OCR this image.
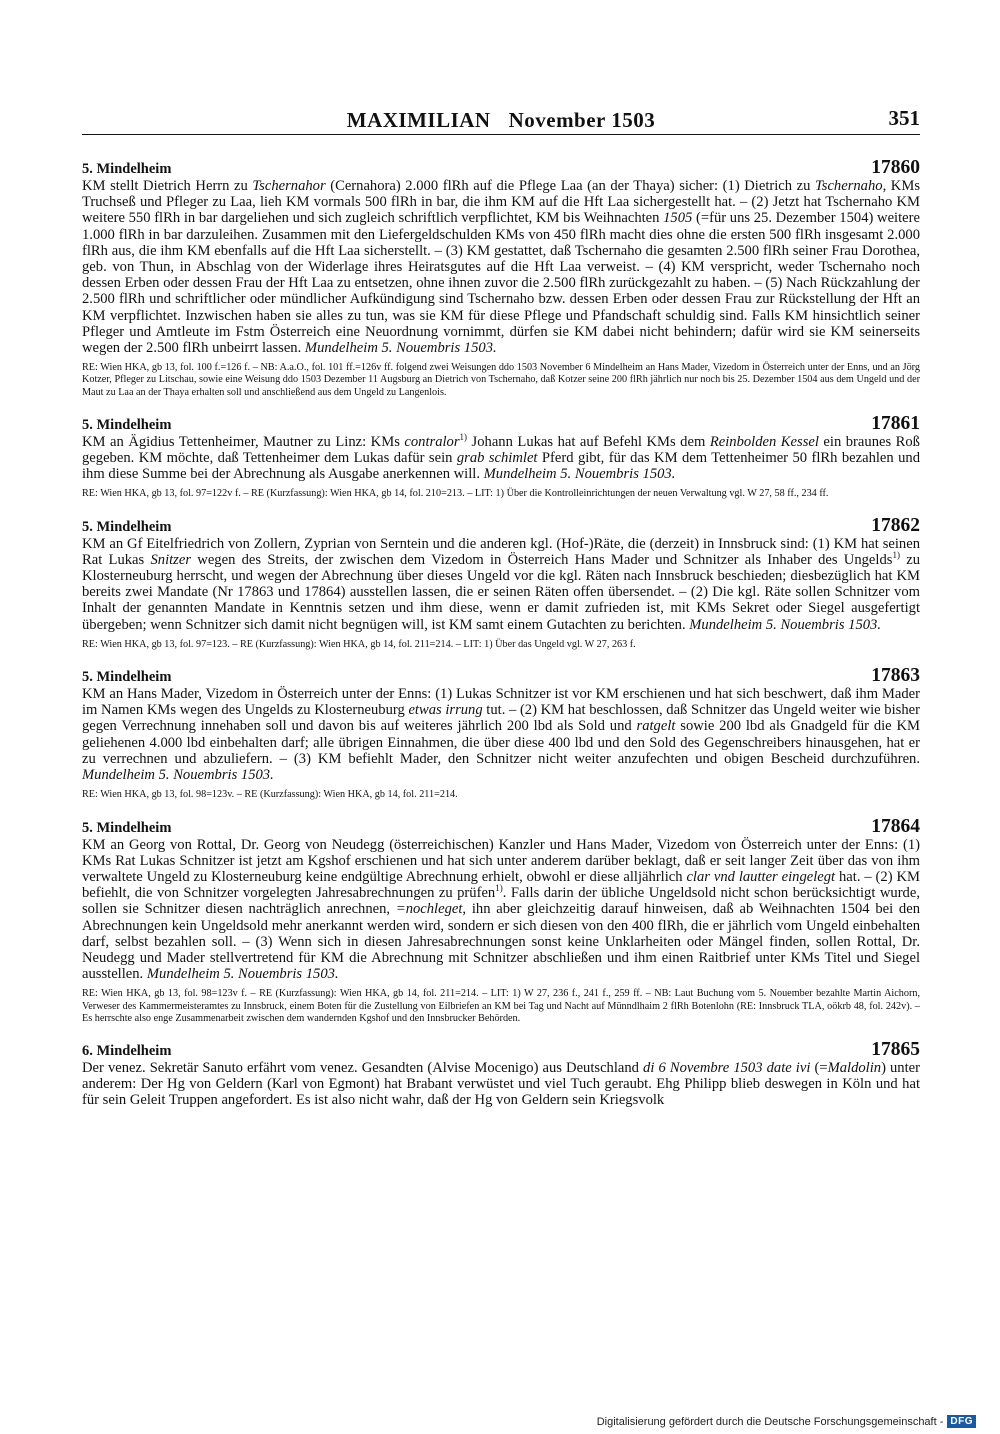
MAXIMILIAN November 1503	351
5. Mindelheim	17860

KM stellt Dietrich Herrn zu Tschernahor (Cernahora) 2.000 flRh auf die Pflege Laa (an der Thaya) sicher: (1) Dietrich zu Tschernaho, KMs Truchseß und Pfleger zu Laa, lieh KM vormals 500 flRh in bar, die ihm KM auf die Hft Laa sichergestellt hat. – (2) Jetzt hat Tschernaho KM weitere 550 flRh in bar dargeliehen und sich zugleich schriftlich verpflichtet, KM bis Weihnachten 1505 (=für uns 25. Dezember 1504) weitere 1.000 flRh in bar darzuleihen. Zusammen mit den Liefergeldschulden KMs von 450 flRh macht dies ohne die ersten 500 flRh insgesamt 2.000 flRh aus, die ihm KM ebenfalls auf die Hft Laa sicherstellt. – (3) KM gestattet, daß Tschernaho die gesamten 2.500 flRh seiner Frau Dorothea, geb. von Thun, in Abschlag von der Widerlage ihres Heiratsgutes auf die Hft Laa verweist. – (4) KM verspricht, weder Tschernaho noch dessen Erben oder dessen Frau der Hft Laa zu entsetzen, ohne ihnen zuvor die 2.500 flRh zurückgezahlt zu haben. – (5) Nach Rückzahlung der 2.500 flRh und schriftlicher oder mündlicher Aufkündigung sind Tschernaho bzw. dessen Erben oder dessen Frau zur Rückstellung der Hft an KM verpflichtet. Inzwischen haben sie alles zu tun, was sie KM für diese Pflege und Pfandschaft schuldig sind. Falls KM hinsichtlich seiner Pfleger und Amtleute im Fstm Österreich eine Neuordnung vornimmt, dürfen sie KM dabei nicht behindern; dafür wird sie KM seinerseits wegen der 2.500 flRh unbeirrt lassen. Mundelheim 5. Nouembris 1503.

RE: Wien HKA, gb 13, fol. 100 f.=126 f. – NB: A.a.O., fol. 101 ff.=126v ff. folgend zwei Weisungen ddo 1503 November 6 Mindelheim an Hans Mader, Vizedom in Österreich unter der Enns, und an Jörg Kotzer, Pfleger zu Litschau, sowie eine Weisung ddo 1503 Dezember 11 Augsburg an Dietrich von Tschernaho, daß Kotzer seine 200 flRh jährlich nur noch bis 25. Dezember 1504 aus dem Ungeld und der Maut zu Laa an der Thaya erhalten soll und anschließend aus dem Ungeld zu Langenlois.

5. Mindelheim	17861

KM an Ägidius Tettenheimer, Mautner zu Linz: KMs contralor$^{1)}$ Johann Lukas hat auf Befehl KMs dem Reinbolden Kessel ein braunes Roß gegeben. KM möchte, daß Tettenheimer dem Lukas dafür sein grab schimlet Pferd gibt, für das KM dem Tettenheimer 50 flRh bezahlen und ihm diese Summe bei der Abrechnung als Ausgabe anerkennen will. Mundelheim 5. Nouembris 1503.

RE: Wien HKA, gb 13, fol. 97=122v f. – RE (Kurzfassung): Wien HKA, gb 14, fol. 210=213. – LIT: 1) Über die Kontrolleinrichtungen der neuen Verwaltung vgl. W 27, 58 ff., 234 ff.

5. Mindelheim	17862

KM an Gf Eitelfriedrich von Zollern, Zyprian von Serntein und die anderen kgl. (Hof-)Räte, die (derzeit) in Innsbruck sind: (1) KM hat seinen Rat Lukas Snitzer wegen des Streits, der zwischen dem Vizedom in Österreich Hans Mader und Schnitzer als Inhaber des Ungelds$^{1)}$ zu Klosterneuburg herrscht, und wegen der Abrechnung über dieses Ungeld vor die kgl. Räten nach Innsbruck beschieden; diesbezüglich hat KM bereits zwei Mandate (Nr 17863 und 17864) ausstellen lassen, die er seinen Räten offen übersendet. – (2) Die kgl. Räte sollen Schnitzer vom Inhalt der genannten Mandate in Kenntnis setzen und ihm diese, wenn er damit zufrieden ist, mit KMs Sekret oder Siegel ausgefertigt übergeben; wenn Schnitzer sich damit nicht begnügen will, ist KM samt einem Gutachten zu berichten. Mundelheim 5. Nouembris 1503.

RE: Wien HKA, gb 13, fol. 97=123. – RE (Kurzfassung): Wien HKA, gb 14, fol. 211=214. – LIT: 1) Über das Ungeld vgl. W 27, 263 f.

5. Mindelheim	17863

KM an Hans Mader, Vizedom in Österreich unter der Enns: (1) Lukas Schnitzer ist vor KM erschienen und hat sich beschwert, daß ihm Mader im Namen KMs wegen des Ungelds zu Klosterneuburg etwas irrung tut. – (2) KM hat beschlossen, daß Schnitzer das Ungeld weiter wie bisher gegen Verrechnung innehaben soll und davon bis auf weiteres jährlich 200 lbd als Sold und ratgelt sowie 200 lbd als Gnadgeld für die KM geliehenen 4.000 lbd einbehalten darf; alle übrigen Einnahmen, die über diese 400 lbd und den Sold des Gegenschreibers hinausgehen, hat er zu verrechnen und abzuliefern. – (3) KM befiehlt Mader, den Schnitzer nicht weiter anzufechten und obigen Bescheid durchzuführen. Mundelheim 5. Nouembris 1503.

RE: Wien HKA, gb 13, fol. 98=123v. – RE (Kurzfassung): Wien HKA, gb 14, fol. 211=214.

5. Mindelheim	17864

KM an Georg von Rottal, Dr. Georg von Neudegg (österreichischen) Kanzler und Hans Mader, Vizedom von Österreich unter der Enns: (1) KMs Rat Lukas Schnitzer ist jetzt am Kgshof erschienen und hat sich unter anderem darüber beklagt, daß er seit langer Zeit über das von ihm verwaltete Ungeld zu Klosterneuburg keine endgültige Abrechnung erhielt, obwohl er diese alljährlich clar vnd lautter eingelegt hat. – (2) KM befiehlt, die von Schnitzer vorgelegten Jahresabrechnungen zu prüfen$^{1)}$. Falls darin der übliche Ungeldsold nicht schon berücksichtigt wurde, sollen sie Schnitzer diesen nachträglich anrechnen, =nochleget, ihn aber gleichzeitig darauf hinweisen, daß ab Weihnachten 1504 bei den Abrechnungen kein Ungeldsold mehr anerkannt werden wird, sondern er sich diesen von den 400 flRh, die er jährlich vom Ungeld einbehalten darf, selbst bezahlen soll. – (3) Wenn sich in diesen Jahresabrechnungen sonst keine Unklarheiten oder Mängel finden, sollen Rottal, Dr. Neudegg und Mader stellvertretend für KM die Abrechnung mit Schnitzer abschließen und ihm einen Raitbrief unter KMs Titel und Siegel ausstellen. Mundelheim 5. Nouembris 1503.

RE: Wien HKA, gb 13, fol. 98=123v f. – RE (Kurzfassung): Wien HKA, gb 14, fol. 211=214. – LIT: 1) W 27, 236 f., 241 f., 259 ff. – NB: Laut Buchung vom 5. Nouember bezahlte Martin Aichorn, Verweser des Kammermeisteramtes zu Innsbruck, einem Boten für die Zustellung von Eilbriefen an KM bei Tag und Nacht auf Münndlhaim 2 flRh Botenlohn (RE: Innsbruck TLA, oökrb 48, fol. 242v). – Es herrschte also enge Zusammenarbeit zwischen dem wandernden Kgshof und den Innsbrucker Behörden.

6. Mindelheim	17865

Der venez. Sekretär Sanuto erfährt vom venez. Gesandten (Alvise Mocenigo) aus Deutschland di 6 Novembre 1503 date ivi (=Maldolin) unter anderem: Der Hg von Geldern (Karl von Egmont) hat Brabant verwüstet und viel Tuch geraubt. Ehg Philipp blieb deswegen in Köln und hat für sein Geleit Truppen angefordert. Es ist also nicht wahr, daß der Hg von Geldern sein Kriegsvolk

Digitalisierung gefördert durch die Deutsche Forschungsgemeinschaft - DFG
